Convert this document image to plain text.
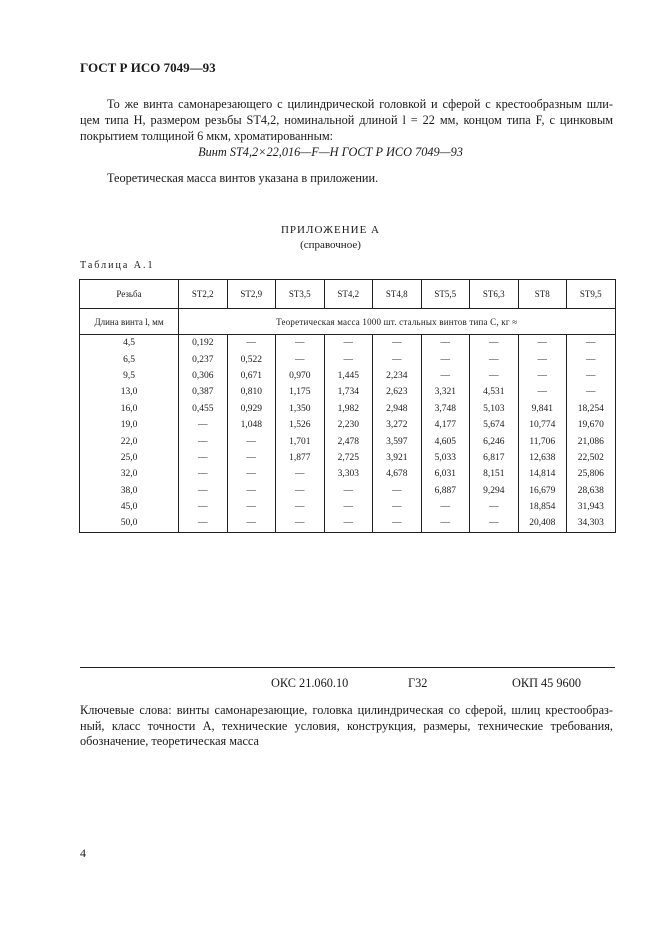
ГОСТ Р ИСО 7049—93
То же винта самонарезающего с цилиндрической головкой и сферой с крестообразным шли-
цем типа Н, размером резьбы ST4,2, номинальной длиной l = 22 мм, концом типа F, с цинковым
покрытием толщиной 6 мкм, хроматированным:
Винт ST4,2×22,016—F—Н ГОСТ Р ИСО 7049—93
Теоретическая масса винтов указана в приложении.
ПРИЛОЖЕНИЕ А
(справочное)
Таблица А.1
Резьба	ST2,2	ST2,9	ST3,5	ST4,2	ST4,8	ST5,5	ST6,3	ST8	ST9,5
Длина винта l, мм	Теоретическая масса 1000 шт. стальных винтов типа С, кг ≈								
4,5	0,192	—	—	—	—	—	—	—	—
6,5	0,237	0,522	—	—	—	—	—	—	—
9,5	0,306	0,671	0,970	1,445	2,234	—	—	—	—
13,0	0,387	0,810	1,175	1,734	2,623	3,321	4,531	—	—
16,0	0,455	0,929	1,350	1,982	2,948	3,748	5,103	9,841	18,254
19,0	—	1,048	1,526	2,230	3,272	4,177	5,674	10,774	19,670
22,0	—	—	1,701	2,478	3,597	4,605	6,246	11,706	21,086
25,0	—	—	1,877	2,725	3,921	5,033	6,817	12,638	22,502
32,0	—	—	—	3,303	4,678	6,031	8,151	14,814	25,806
38,0	—	—	—	—	—	6,887	9,294	16,679	28,638
45,0	—	—	—	—	—	—	—	18,854	31,943
50,0	—	—	—	—	—	—	—	20,408	34,303
ОКС 21.060.10	Г32	ОКП 45 9600
Ключевые слова: винты самонарезающие, головка цилиндрическая со сферой, шлиц крестообраз-
ный, класс точности А, технические условия, конструкция, размеры, технические требования,
обозначение, теоретическая масса
4
